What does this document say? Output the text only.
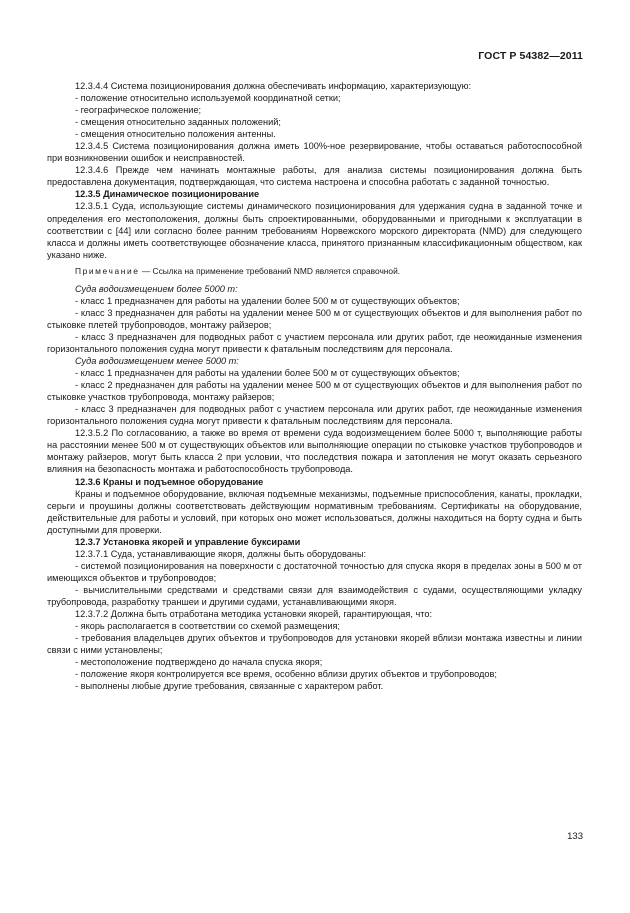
ГОСТ Р 54382—2011

12.3.4.4 Система позиционирования должна обеспечивать информацию, характеризующую:

- положение относительно используемой координатной сетки;

- географическое положение;

- смещения относительно заданных положений;

- смещения относительно положения антенны.

12.3.4.5 Система позиционирования должна иметь 100%-ное резервирование, чтобы оставаться работоспособной при возникновении ошибок и неисправностей.

12.3.4.6 Прежде чем начинать монтажные работы, для анализа системы позиционирования должна быть предоставлена документация, подтверждающая, что система настроена и способна работать с заданной точностью.

12.3.5 Динамическое позиционирование

12.3.5.1 Суда, использующие системы динамического позиционирования для удержания судна в заданной точке и определения его местоположения, должны быть спроектированными, оборудованными и пригодными к эксплуатации в соответствии с [44] или согласно более ранним требованиям Норвежского морского директората (NMD) для следующего класса и должны иметь соответствующее обозначение класса, принятого признанным классификационным обществом, как указано ниже.

Примечание — Ссылка на применение требований NMD является справочной.

Суда водоизмещением более 5000 т:

- класс 1 предназначен для работы на удалении более 500 м от существующих объектов;

- класс 3 предназначен для работы на удалении менее 500 м от существующих объектов и для выполнения работ по стыковке плетей трубопроводов, монтажу райзеров;

- класс 3 предназначен для подводных работ с участием персонала или других работ, где неожиданные изменения горизонтального положения судна могут привести к фатальным последствиям для персонала.

Суда водоизмещением менее 5000 т:

- класс 1 предназначен для работы на удалении более 500 м от существующих объектов;

- класс 2 предназначен для работы на удалении менее 500 м от существующих объектов и для выполнения работ по стыковке участков трубопровода, монтажу райзеров;

- класс 3 предназначен для подводных работ с участием персонала или других работ, где неожиданные изменения горизонтального положения судна могут привести к фатальным последствиям для персонала.

12.3.5.2 По согласованию, а также во время от времени суда водоизмещением более 5000 т, выполняющие работы на расстоянии менее 500 м от существующих объектов или выполняющие операции по стыковке участков трубопроводов и монтажу райзеров, могут быть класса 2 при условии, что последствия пожара и затопления не могут оказать серьезного влияния на безопасность монтажа и работоспособность трубопровода.

12.3.6 Краны и подъемное оборудование

Краны и подъемное оборудование, включая подъемные механизмы, подъемные приспособления, канаты, прокладки, серьги и проушины должны соответствовать действующим нормативным требованиям. Сертификаты на оборудование, действительные для работы и условий, при которых оно может использоваться, должны находиться на борту судна и быть доступными для проверки.

12.3.7 Установка якорей и управление буксирами

12.3.7.1 Суда, устанавливающие якоря, должны быть оборудованы:

- системой позиционирования на поверхности с достаточной точностью для спуска якоря в пределах зоны в 500 м от имеющихся объектов и трубопроводов;

- вычислительными средствами и средствами связи для взаимодействия с судами, осуществляющими укладку трубопровода, разработку траншеи и другими судами, устанавливающими якоря.

12.3.7.2 Должна быть отработана методика установки якорей, гарантирующая, что:

- якорь располагается в соответствии со схемой размещения;

- требования владельцев других объектов и трубопроводов для установки якорей вблизи монтажа известны и линии связи с ними установлены;

- местоположение подтверждено до начала спуска якоря;

- положение якоря контролируется все время, особенно вблизи других объектов и трубопроводов;

- выполнены любые другие требования, связанные с характером работ.

133
